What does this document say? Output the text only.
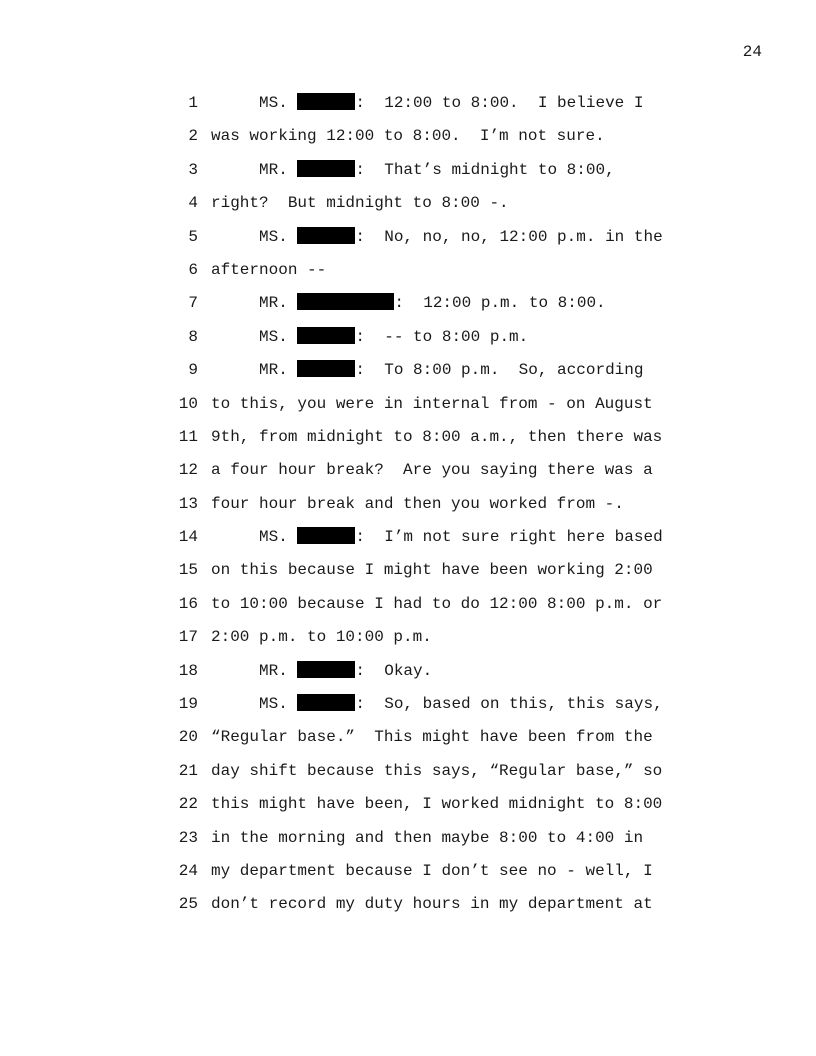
24
1 MS.	:  12:00 to 8:00.  I believe I
2 was working 12:00 to 8:00.  I’m not sure.
3 MR.	:  That’s midnight to 8:00,
4 right?  But midnight to 8:00 -.
5 MS.	:  No, no, no, 12:00 p.m. in the
6 afternoon --
7 MR.	:  12:00 p.m. to 8:00.
8 MS.	:  -- to 8:00 p.m.
9 MR.	:  To 8:00 p.m.  So, according
10 to this, you were in internal from - on August
11 9th, from midnight to 8:00 a.m., then there was
12 a four hour break?  Are you saying there was a
13 four hour break and then you worked from -.
14 MS.	:  I’m not sure right here based
15 on this because I might have been working 2:00
16 to 10:00 because I had to do 12:00 8:00 p.m. or
17 2:00 p.m. to 10:00 p.m.
18 MR.	:  Okay.
19 MS.	:  So, based on this, this says,
20 “Regular base.”  This might have been from the
21 day shift because this says, “Regular base,” so
22 this might have been, I worked midnight to 8:00
23 in the morning and then maybe 8:00 to 4:00 in
24 my department because I don’t see no - well, I
25 don’t record my duty hours in my department at
